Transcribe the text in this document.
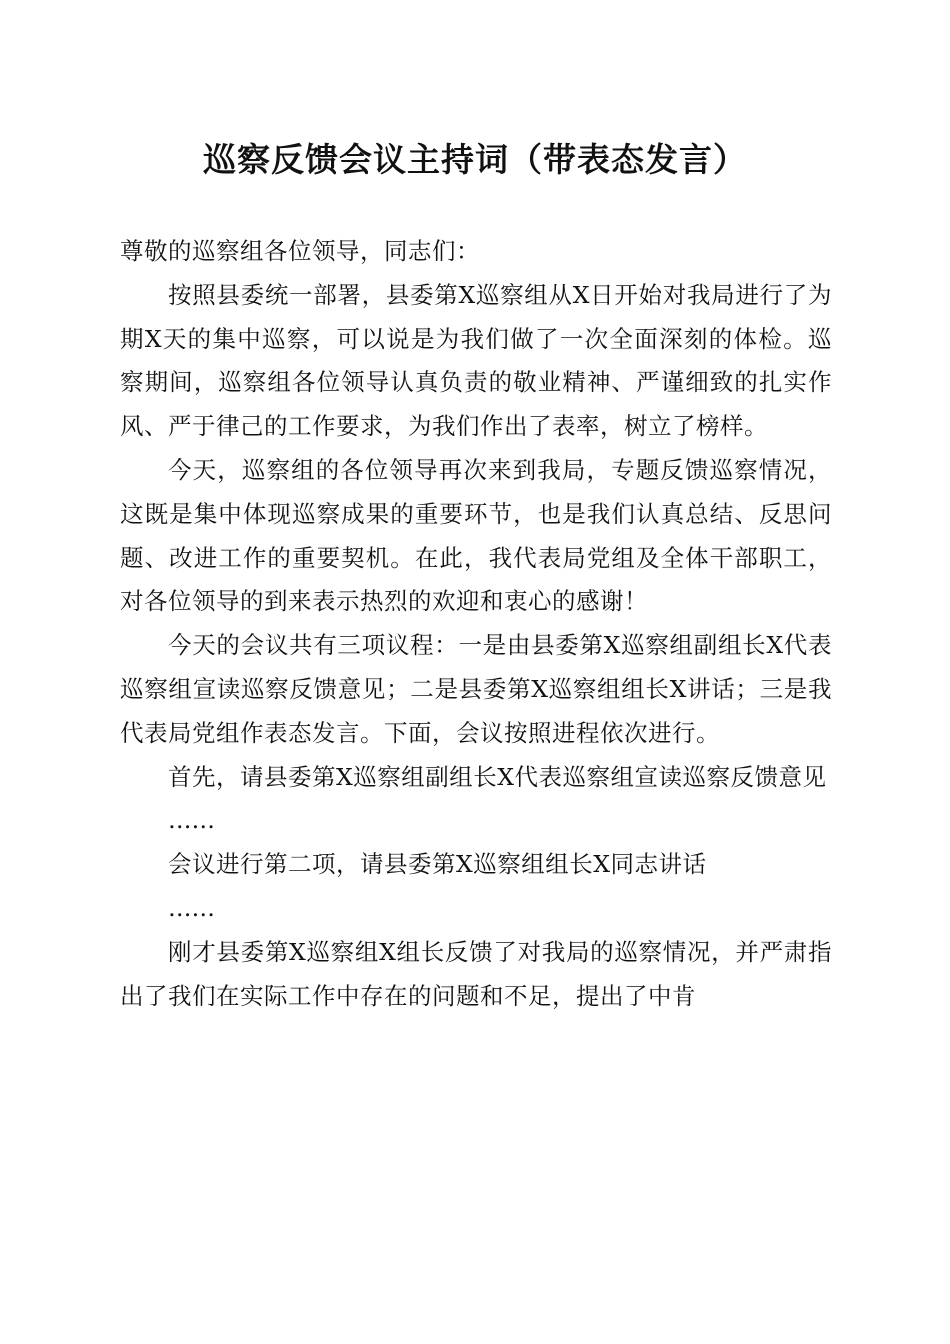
巡察反馈会议主持词（带表态发言）

尊敬的巡察组各位领导，同志们：

按照县委统一部署，县委第X巡察组从X日开始对我局进行了为期X天的集中巡察，可以说是为我们做了一次全面深刻的体检。巡察期间，巡察组各位领导认真负责的敬业精神、严谨细致的扎实作风、严于律己的工作要求，为我们作出了表率，树立了榜样。

今天，巡察组的各位领导再次来到我局，专题反馈巡察情况，这既是集中体现巡察成果的重要环节，也是我们认真总结、反思问题、改进工作的重要契机。在此，我代表局党组及全体干部职工，对各位领导的到来表示热烈的欢迎和衷心的感谢！

今天的会议共有三项议程：一是由县委第X巡察组副组长X代表巡察组宣读巡察反馈意见；二是县委第X巡察组组长X讲话；三是我代表局党组作表态发言。下面，会议按照进程依次进行。

首先，请县委第X巡察组副组长X代表巡察组宣读巡察反馈意见

……

会议进行第二项，请县委第X巡察组组长X同志讲话

……

刚才县委第X巡察组X组长反馈了对我局的巡察情况，并严肃指出了我们在实际工作中存在的问题和不足，提出了中肯
